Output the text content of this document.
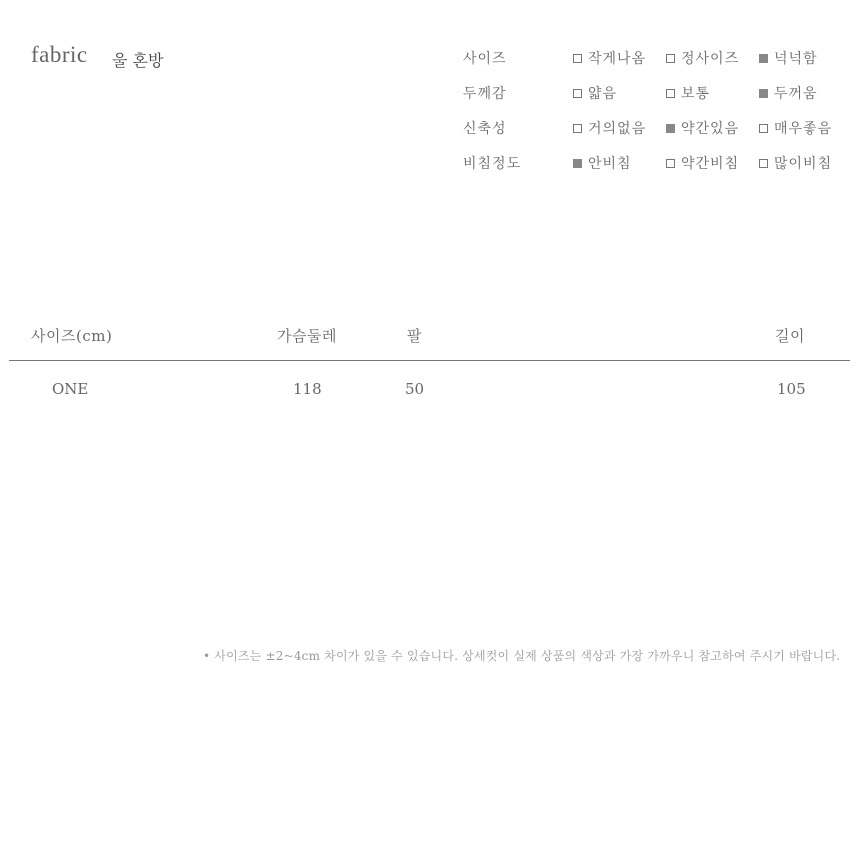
fabric 울 혼방	사이즈	작게나옴 정사이즈 넉넉함
두께감	얇음	보통	두꺼움
신축성	거의없음 약간있음 매우좋음
비침정도	안비침	약간비침 많이비침
사이즈(cm)	가슴둘레	팔	길이
ONE	118	50	105
• 사이즈는 ±2~4cm 차이가 있을 수 있습니다. 상세컷이 실제 상품의 색상과 가장 가까우니 참고하여 주시기 바랍니다.
